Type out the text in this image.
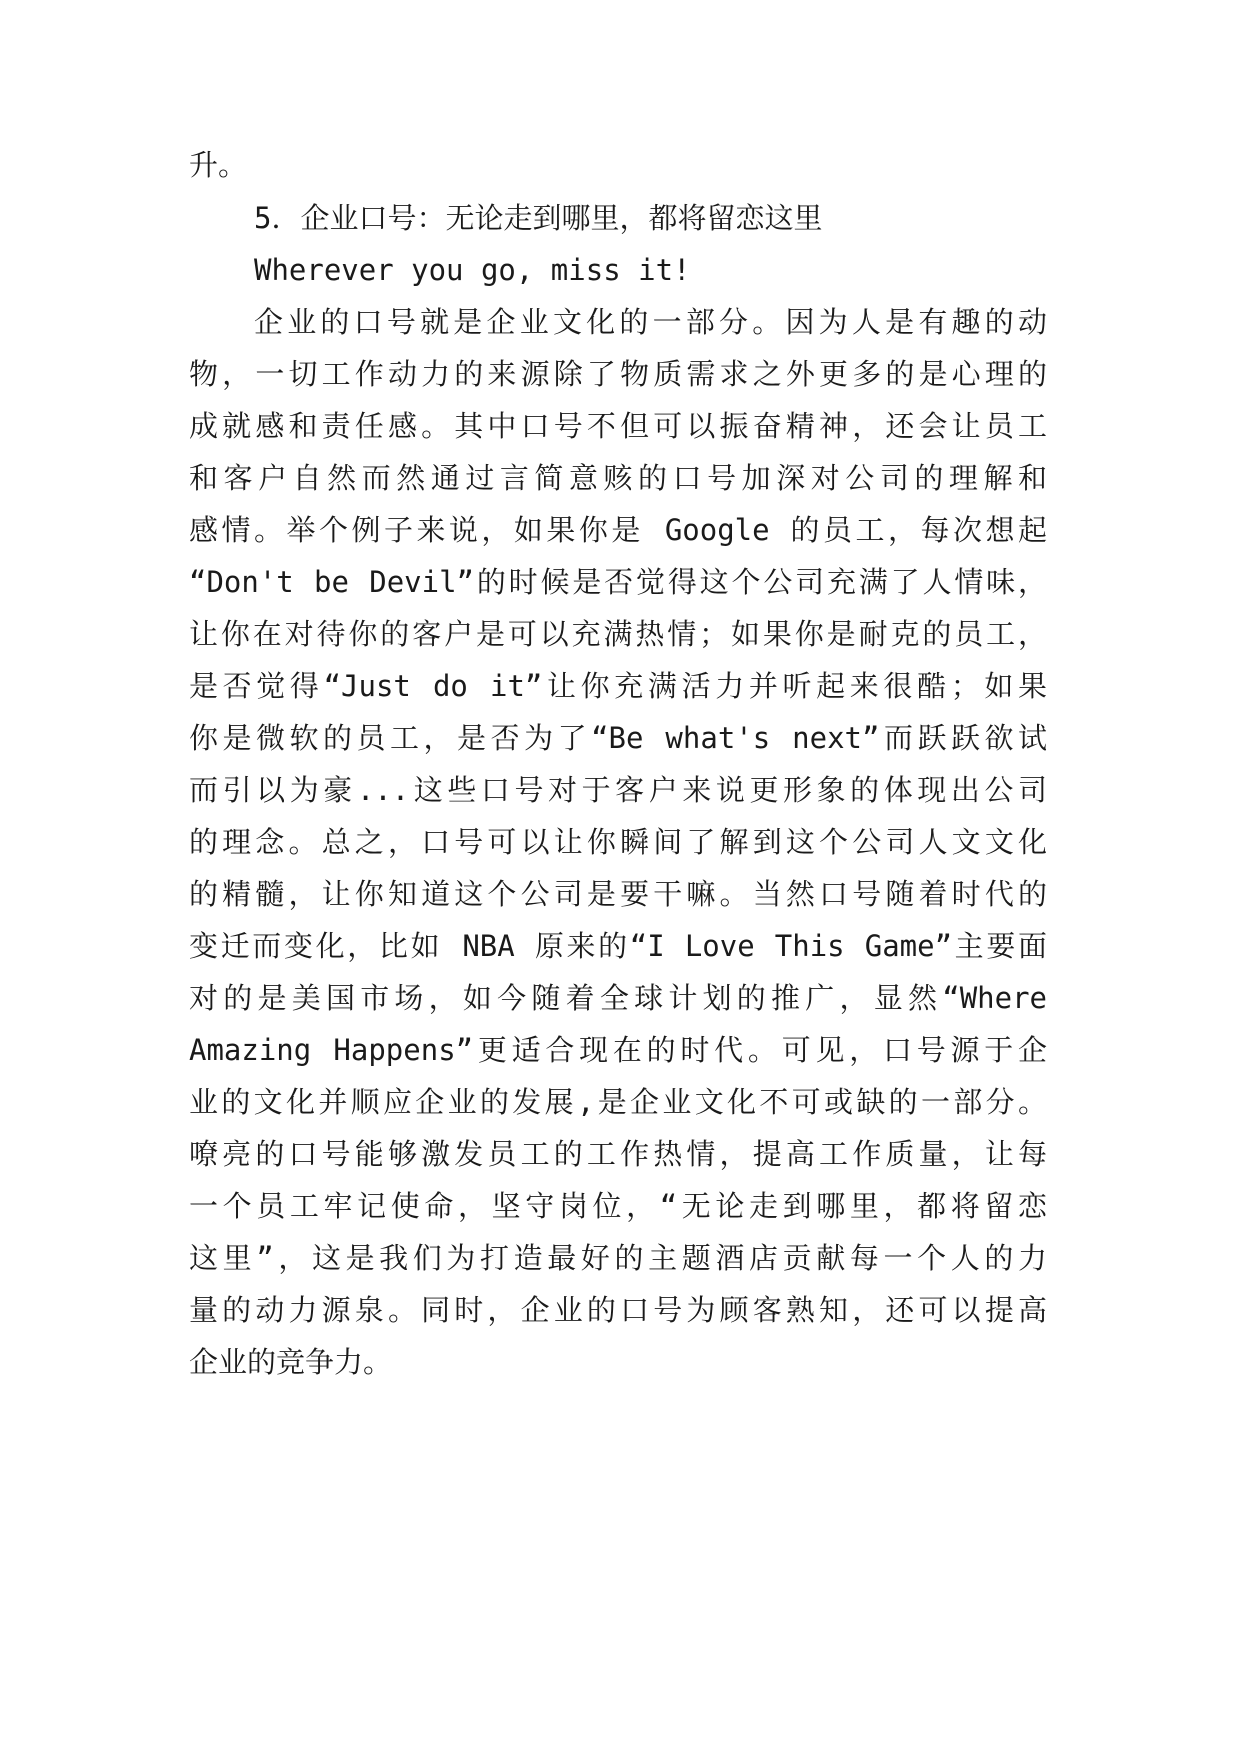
升。
5．企业口号：无论走到哪里，都将留恋这里
Wherever you go, miss it!
企业的口号就是企业文化的一部分。因为人是有趣的动
物，一切工作动力的来源除了物质需求之外更多的是心理的
成就感和责任感。其中口号不但可以振奋精神，还会让员工
和客户自然而然通过言简意赅的口号加深对公司的理解和
感情。举个例子来说，如果你是 Google 的员工，每次想起
“Don't be Devil”的时候是否觉得这个公司充满了人情味，
让你在对待你的客户是可以充满热情；如果你是耐克的员工，
是否觉得“Just do it”让你充满活力并听起来很酷；如果
你是微软的员工，是否为了“Be what's next”而跃跃欲试
而引以为豪...这些口号对于客户来说更形象的体现出公司
的理念。总之，口号可以让你瞬间了解到这个公司人文文化
的精髓，让你知道这个公司是要干嘛。当然口号随着时代的
变迁而变化，比如 NBA 原来的“I Love This Game”主要面
对的是美国市场，如今随着全球计划的推广，显然“Where
Amazing Happens”更适合现在的时代。可见，口号源于企
业的文化并顺应企业的发展,是企业文化不可或缺的一部分。
嘹亮的口号能够激发员工的工作热情，提高工作质量，让每
一个员工牢记使命，坚守岗位，“无论走到哪里，都将留恋
这里”，这是我们为打造最好的主题酒店贡献每一个人的力
量的动力源泉。同时，企业的口号为顾客熟知，还可以提高
企业的竞争力。
